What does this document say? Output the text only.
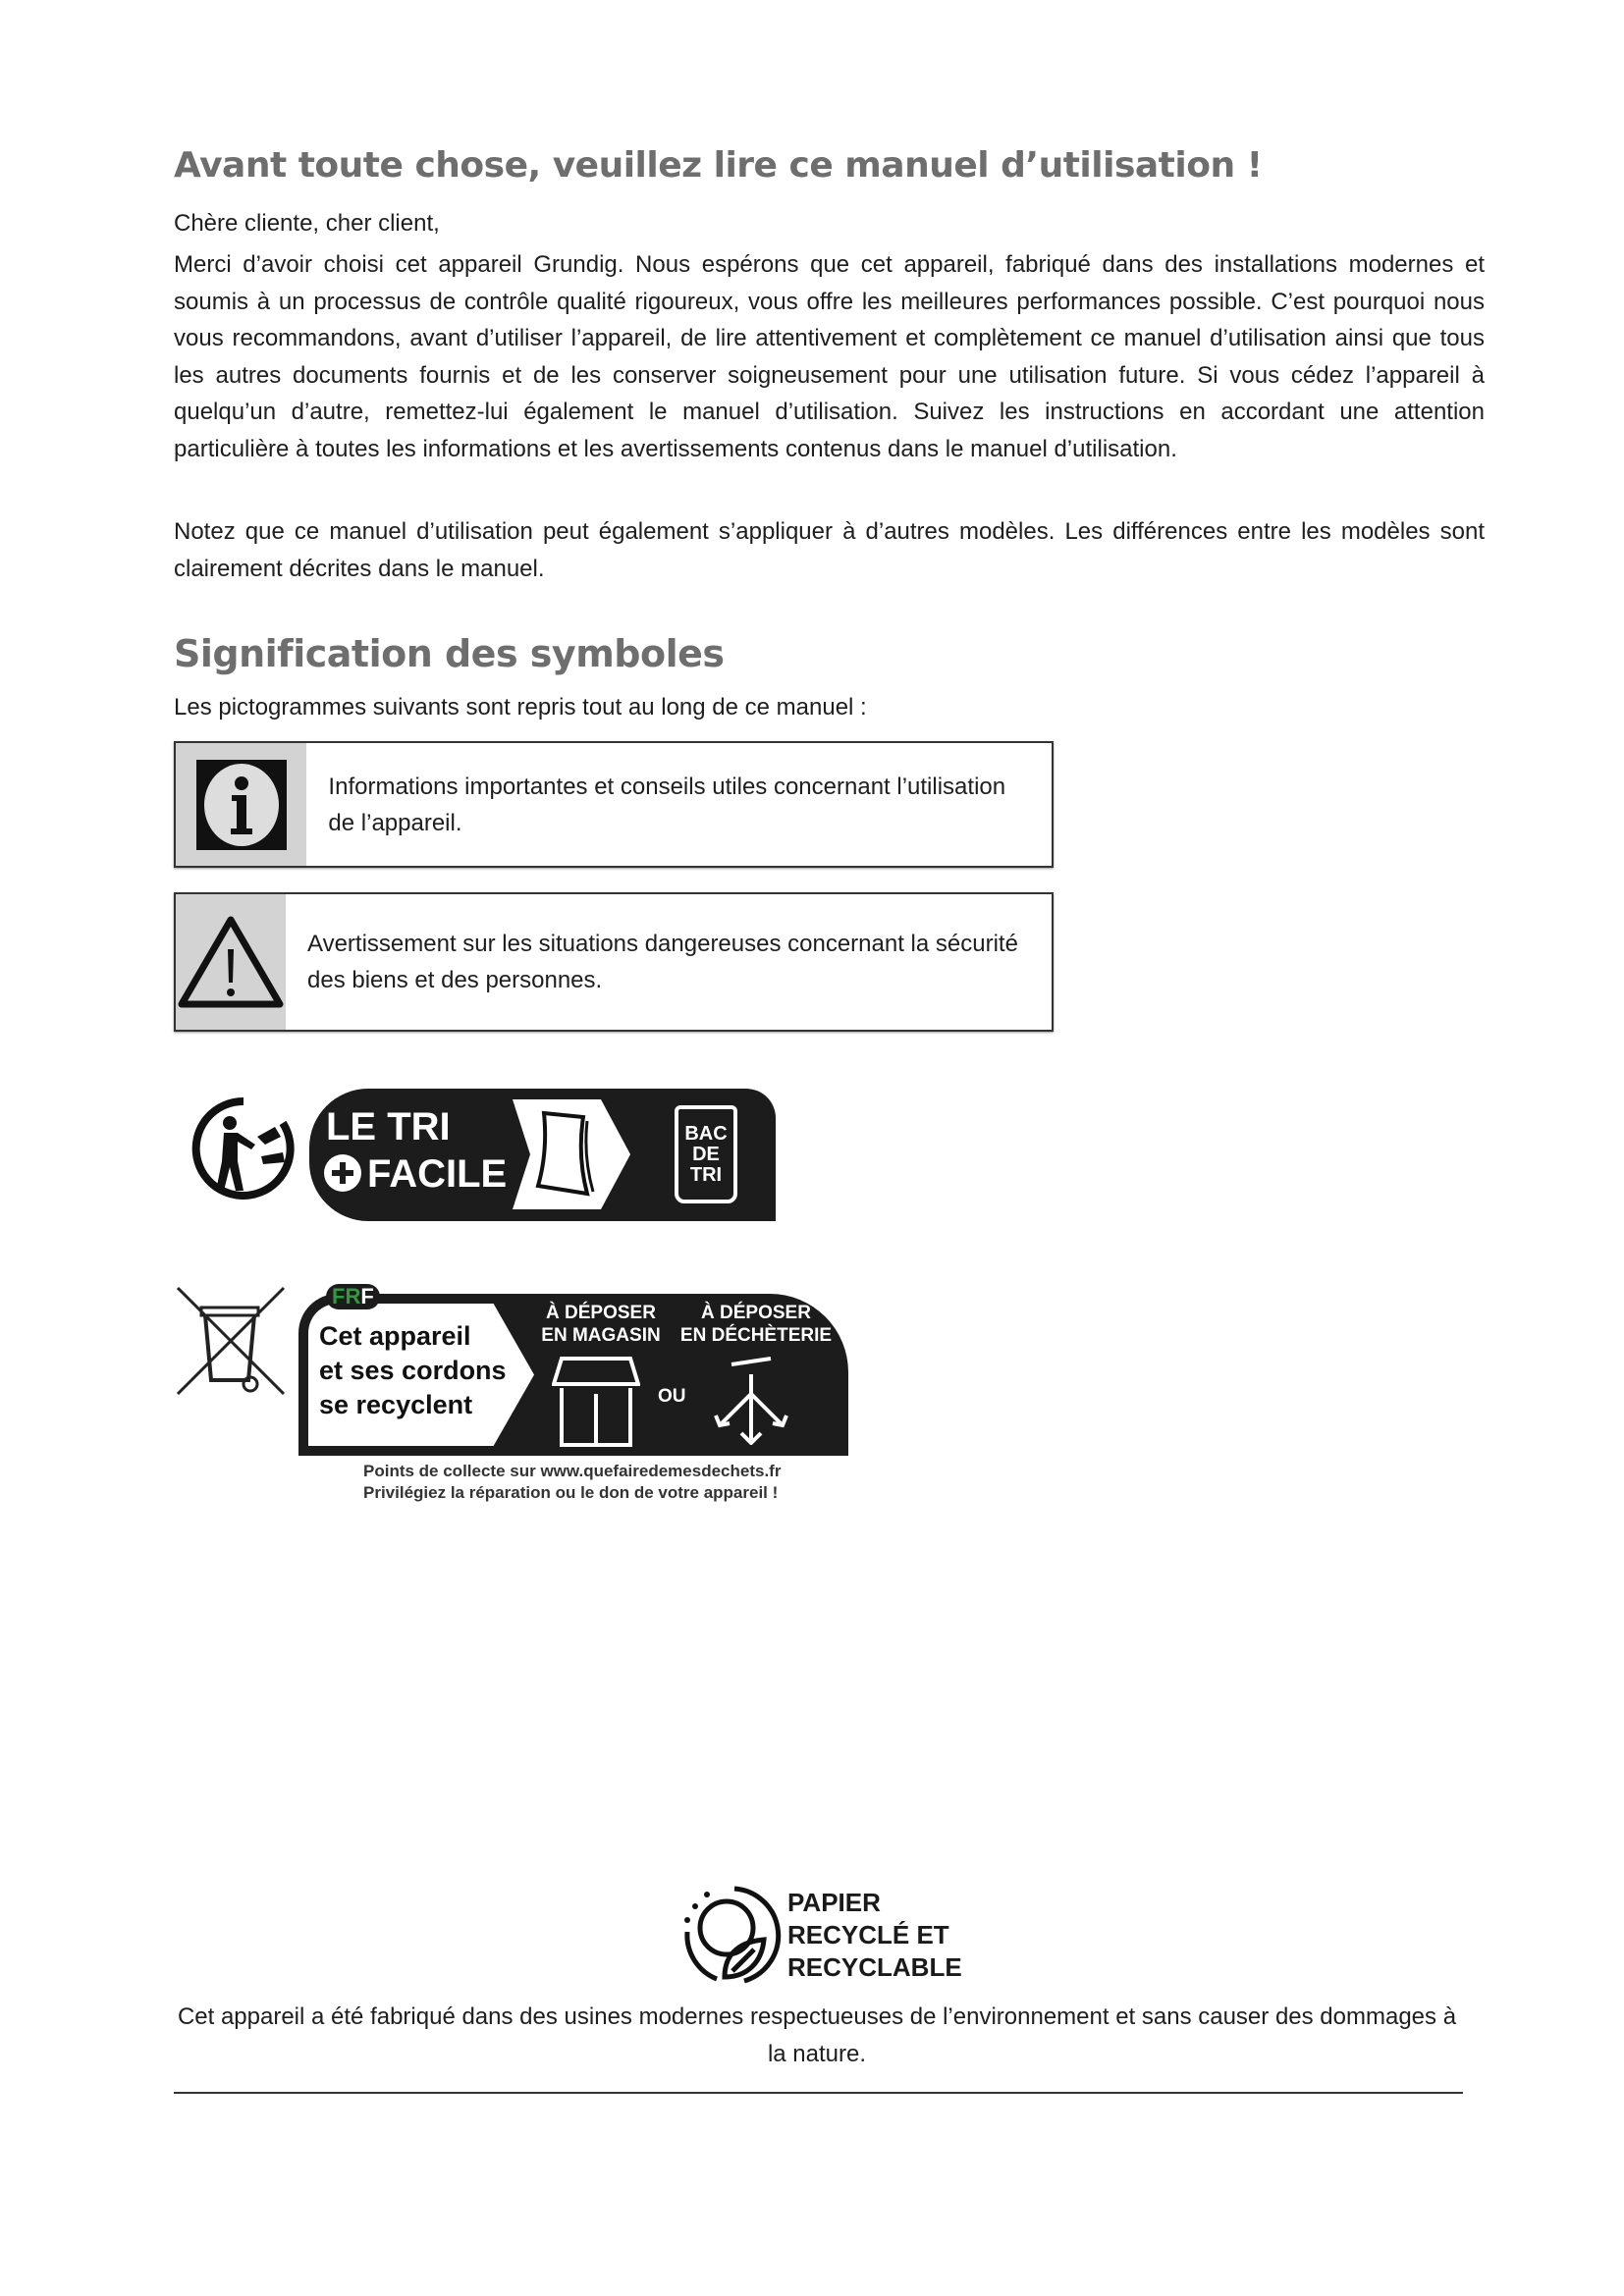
Avant toute chose, veuillez lire ce manuel d’utilisation !

Chère cliente, cher client,

Merci d’avoir choisi cet appareil Grundig. Nous espérons que cet appareil, fabriqué dans des installations modernes et soumis à un processus de contrôle qualité rigoureux, vous offre les meilleures performances possible. C’est pourquoi nous vous recommandons, avant d’utiliser l’appareil, de lire attentivement et complètement ce manuel d’utilisation ainsi que tous les autres documents fournis et de les conserver soigneusement pour une utilisation future. Si vous cédez l’appareil à quelqu’un d’autre, remettez-lui également le manuel d’utilisation. Suivez les instructions en accordant une attention particulière à toutes les informations et les avertissements contenus dans le manuel d’utilisation.

Notez que ce manuel d’utilisation peut également s’appliquer à d’autres modèles. Les différences entre les modèles sont clairement décrites dans le manuel.

Signification des symboles

Les pictogrammes suivants sont repris tout au long de ce manuel :

Informations importantes et conseils utiles concernant l’utilisation de l’appareil.
Avertissement sur les situations dangereuses concernant la sécurité des biens et des personnes.
LE TRI
FACILE
BAC
DE
TRI
FRF
Cet appareil
et ses cordons
se recyclent
À DÉPOSER
EN MAGASIN
OU
À DÉPOSER
EN DÉCHÈTERIE
Points de collecte sur www.quefairedemesdechets.fr
Privilégiez la réparation ou le don de votre appareil !
PAPIER
RECYCLÉ ET
RECYCLABLE

Cet appareil a été fabriqué dans des usines modernes respectueuses de l’environnement et sans causer des dommages à la nature.
